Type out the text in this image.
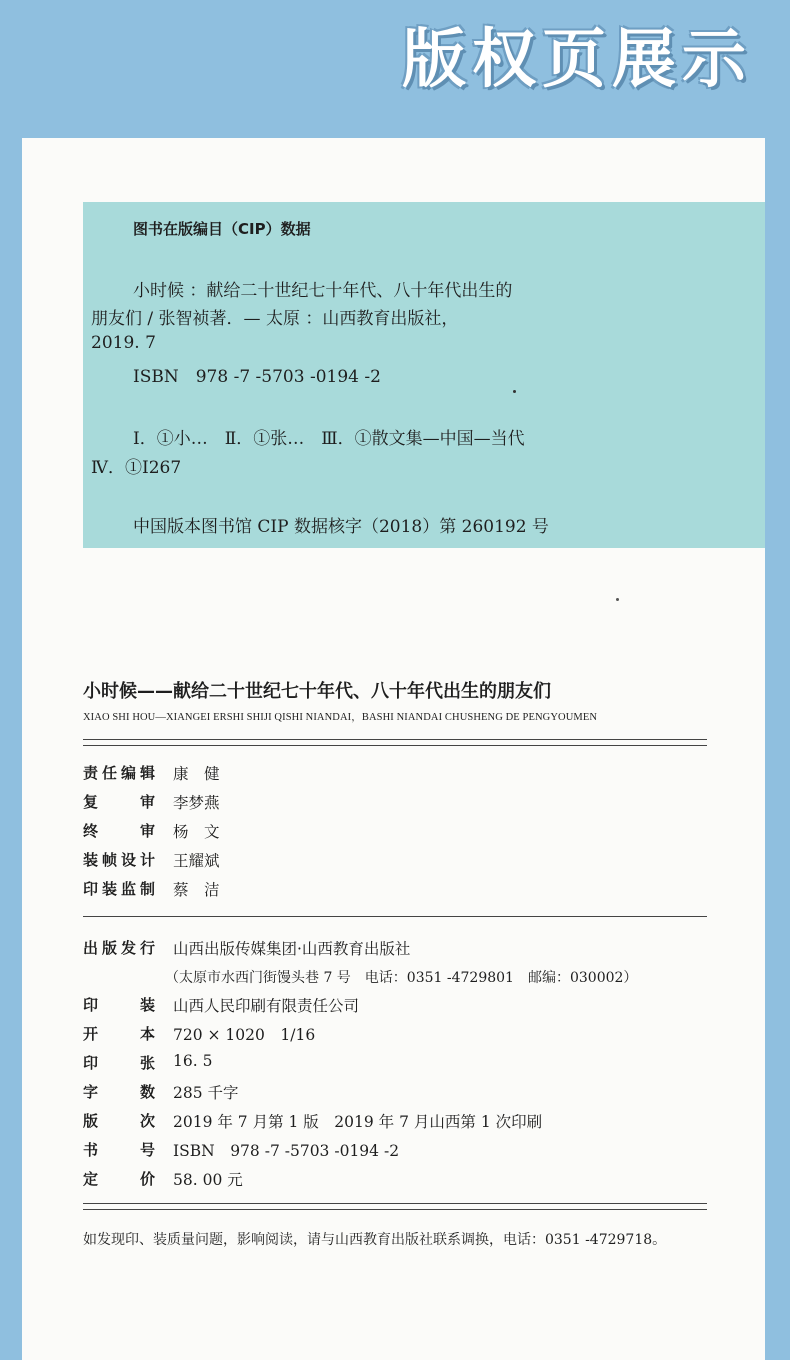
版权页展示
图书在版编目（CIP）数据
小时候 ：献给二十世纪七十年代、八十年代出生的
朋友们 / 张智祯著．— 太原 ：山西教育出版社，
2019. 7
ISBN　978 -7 -5703 -0194 -2
Ⅰ．①小…　Ⅱ．①张…　Ⅲ．①散文集—中国—当代
Ⅳ．①I267
中国版本图书馆 CIP 数据核字（2018）第 260192 号
小时候——献给二十世纪七十年代、八十年代出生的朋友们
XIAO SHI HOU—XIANGEI ERSHI SHIJI QISHI NIANDAI，BASHI NIANDAI CHUSHENG DE PENGYOUMEN
责任编辑 康　健
复审 李梦燕
终审 杨　文
装帧设计 王耀斌
印装监制 蔡　洁
出版发行 山西出版传媒集团·山西教育出版社
（太原市水西门街馒头巷 7 号　电话：0351 -4729801　邮编：030002）
印装 山西人民印刷有限责任公司
开本 720 × 1020　1/16
印张 16. 5
字数 285 千字
版次 2019 年 7 月第 1 版　2019 年 7 月山西第 1 次印刷
书号 ISBN　978 -7 -5703 -0194 -2
定价 58. 00 元
如发现印、装质量问题，影响阅读，请与山西教育出版社联系调换，电话：0351 -4729718。
